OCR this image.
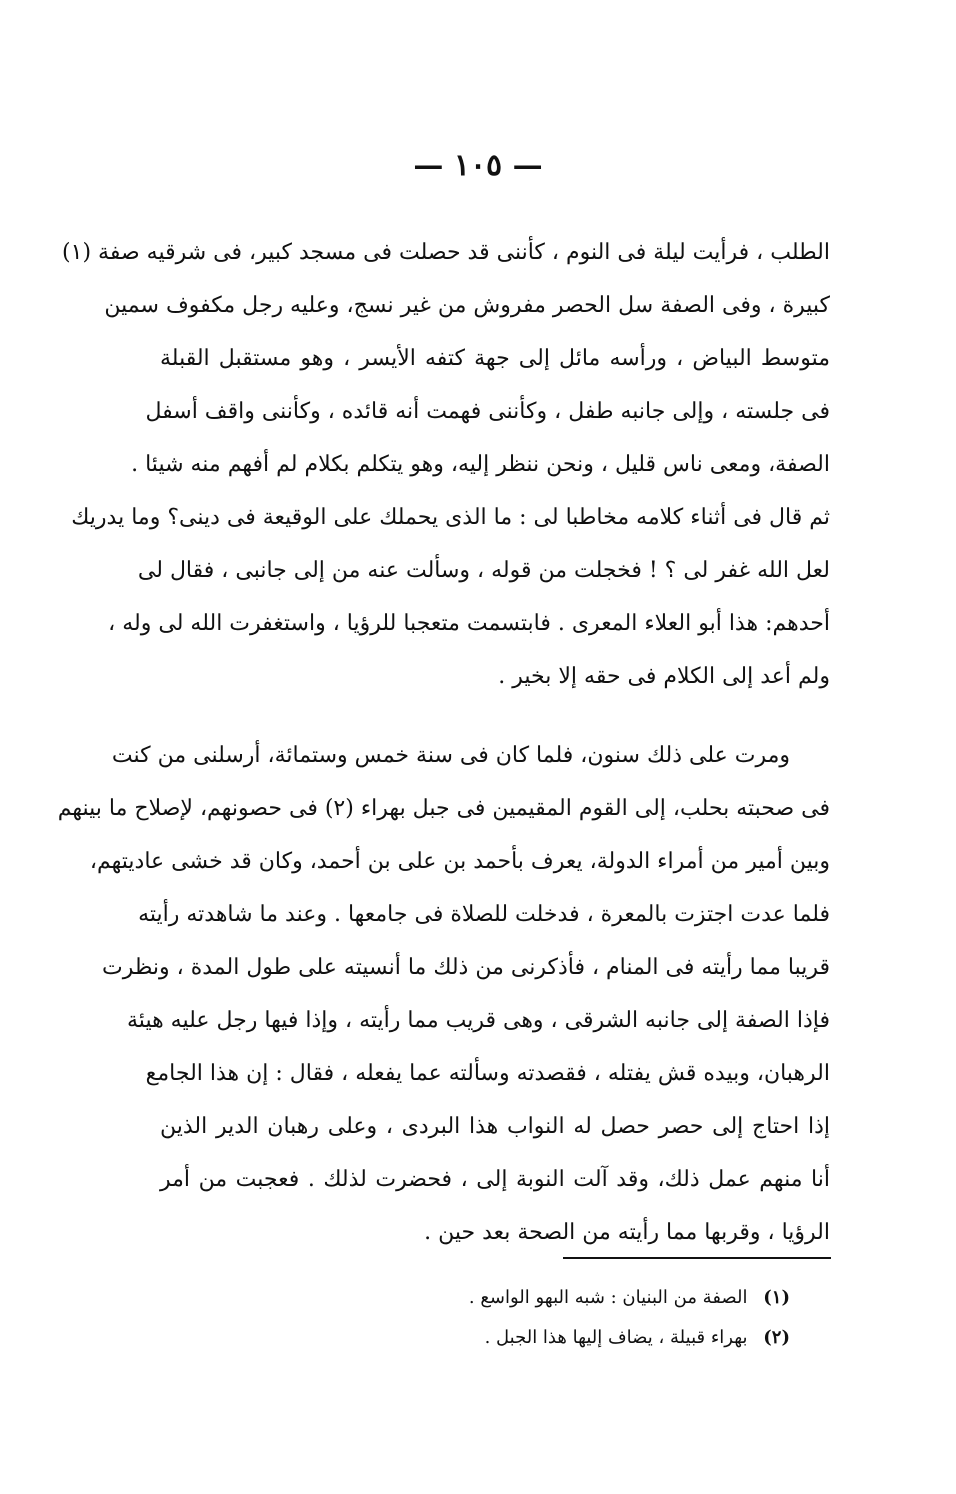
— ١٠٥ —
الطلب ، فرأيت ليلة فى النوم ، كأننى قد حصلت فى مسجد كبير، فى شرقيه صفة (١)
كبيرة ، وفى الصفة سل الحصر مفروش من غير نسج، وعليه رجل مكفوف سمين
متوسط البياض ، ورأسه مائل إلى جهة كتفه الأيسر ، وهو مستقبل القبلة
فى جلسته ، وإلى جانبه طفل ، وكأننى فهمت أنه قائده ، وكأننى واقف أسفل
الصفة، ومعى ناس قليل ، ونحن ننظر إليه، وهو يتكلم بكلام لم أفهم منه شيئا .
ثم قال فى أثناء كلامه مخاطبا لى : ما الذى يحملك على الوقيعة فى دينى؟ وما يدريك
لعل الله غفر لى ؟ ! فخجلت من قوله ، وسألت عنه من إلى جانبى ، فقال لى
أحدهم: هذا أبو العلاء المعرى . فابتسمت متعجبا للرؤيا ، واستغفرت الله لى وله ،
ولم أعد إلى الكلام فى حقه إلا بخير .
ومرت على ذلك سنون، فلما كان فى سنة خمس وستمائة، أرسلنى من كنت
فى صحبته بحلب، إلى القوم المقيمين فى جبل بهراء (٢) فى حصونهم، لإصلاح ما بينهم
وبين أمير من أمراء الدولة، يعرف بأحمد بن على بن أحمد، وكان قد خشى عاديتهم،
فلما عدت اجتزت بالمعرة ، فدخلت للصلاة فى جامعها . وعند ما شاهدته رأيته
قريبا مما رأيته فى المنام ، فأذكرنى من ذلك ما أنسيته على طول المدة ، ونظرت
فإذا الصفة إلى جانبه الشرقى ، وهى قريب مما رأيته ، وإذا فيها رجل عليه هيئة
الرهبان، وبيده قش يفتله ، فقصدته وسألته عما يفعله ، فقال : إن هذا الجامع
إذا احتاج إلى حصر حصل له النواب هذا البردى ، وعلى رهبان الدير الذين
أنا منهم عمل ذلك، وقد آلت النوبة إلى ، فحضرت لذلك . فعجبت من أمر
الرؤيا ، وقربها مما رأيته من الصحة بعد حين .
(١) الصفة من البنيان : شبه البهو الواسع .
(٢) بهراء قبيلة ، يضاف إليها هذا الجبل .
